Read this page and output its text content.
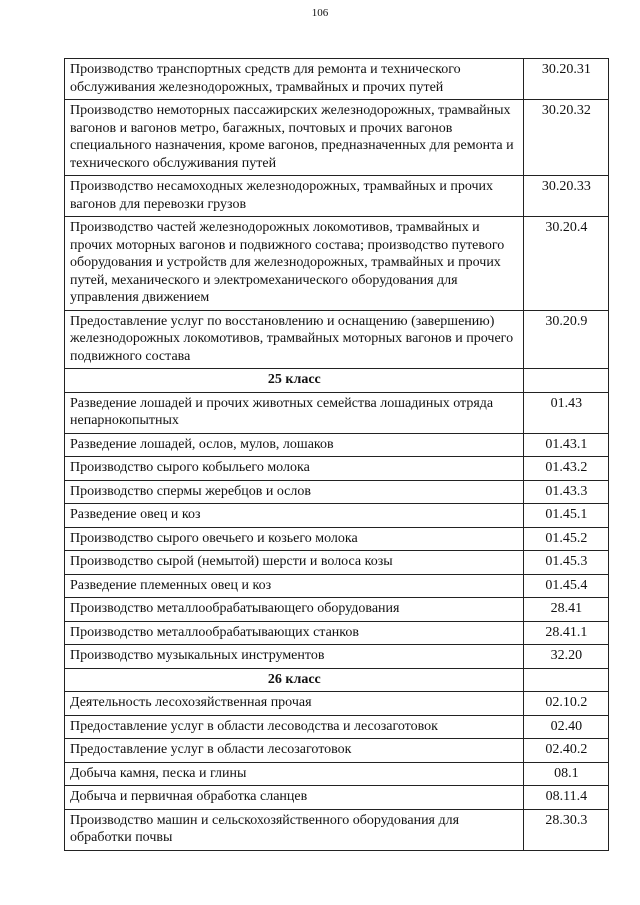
106
Производство транспортных средств для ремонта и технического обслуживания железнодорожных, трамвайных и прочих путей	30.20.31
Производство немоторных пассажирских железнодорожных, трамвайных вагонов и вагонов метро, багажных, почтовых и прочих вагонов специального назначения, кроме вагонов, предназначенных для ремонта и технического обслуживания путей	30.20.32
Производство несамоходных железнодорожных, трамвайных и прочих вагонов для перевозки грузов	30.20.33
Производство частей железнодорожных локомотивов, трамвайных и прочих моторных вагонов и подвижного состава; производство путевого оборудования и устройств для железнодорожных, трамвайных и прочих путей, механического и электромеханического оборудования для управления движением	30.20.4
Предоставление услуг по восстановлению и оснащению (завершению) железнодорожных локомотивов, трамвайных моторных вагонов и прочего подвижного состава	30.20.9
25 класс	
Разведение лошадей и прочих животных семейства лошадиных отряда непарнокопытных	01.43
Разведение лошадей, ослов, мулов, лошаков	01.43.1
Производство сырого кобыльего молока	01.43.2
Производство спермы жеребцов и ослов	01.43.3
Разведение овец и коз	01.45.1
Производство сырого овечьего и козьего молока	01.45.2
Производство сырой (немытой) шерсти и волоса козы	01.45.3
Разведение племенных овец и коз	01.45.4
Производство металлообрабатывающего оборудования	28.41
Производство металлообрабатывающих станков	28.41.1
Производство музыкальных инструментов	32.20
26 класс	
Деятельность лесохозяйственная прочая	02.10.2
Предоставление услуг в области лесоводства и лесозаготовок	02.40
Предоставление услуг в области лесозаготовок	02.40.2
Добыча камня, песка и глины	08.1
Добыча и первичная обработка сланцев	08.11.4
Производство машин и сельскохозяйственного оборудования для обработки почвы	28.30.3
